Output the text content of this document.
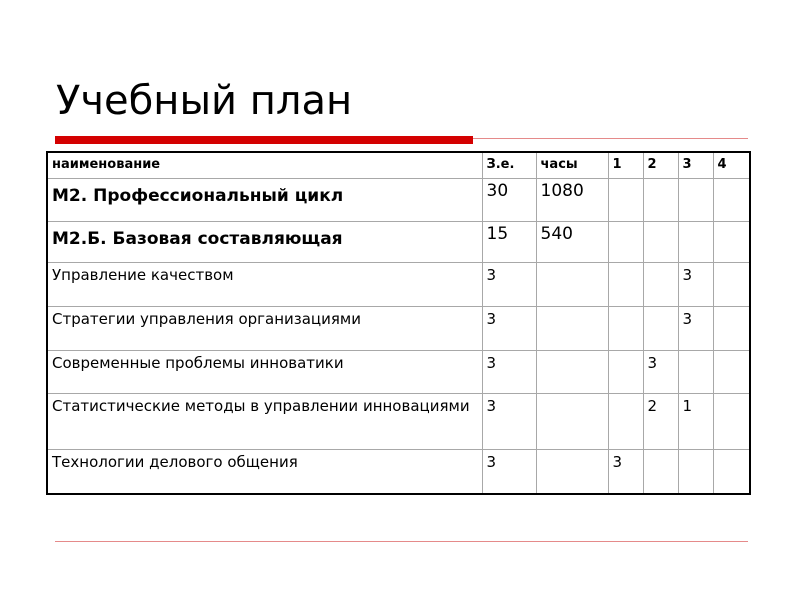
Учебный план
наименование	З.е.	часы	1	2	3	4
М2. Профессиональный цикл	30	1080				
М2.Б. Базовая составляющая	15	540				
Управление качеством	3				3	
Стратегии управления организациями	3				3	
Современные проблемы инноватики	3			3		
Статистические методы в управлении инновациями	3			2	1	
Технологии делового общения	3		3			
